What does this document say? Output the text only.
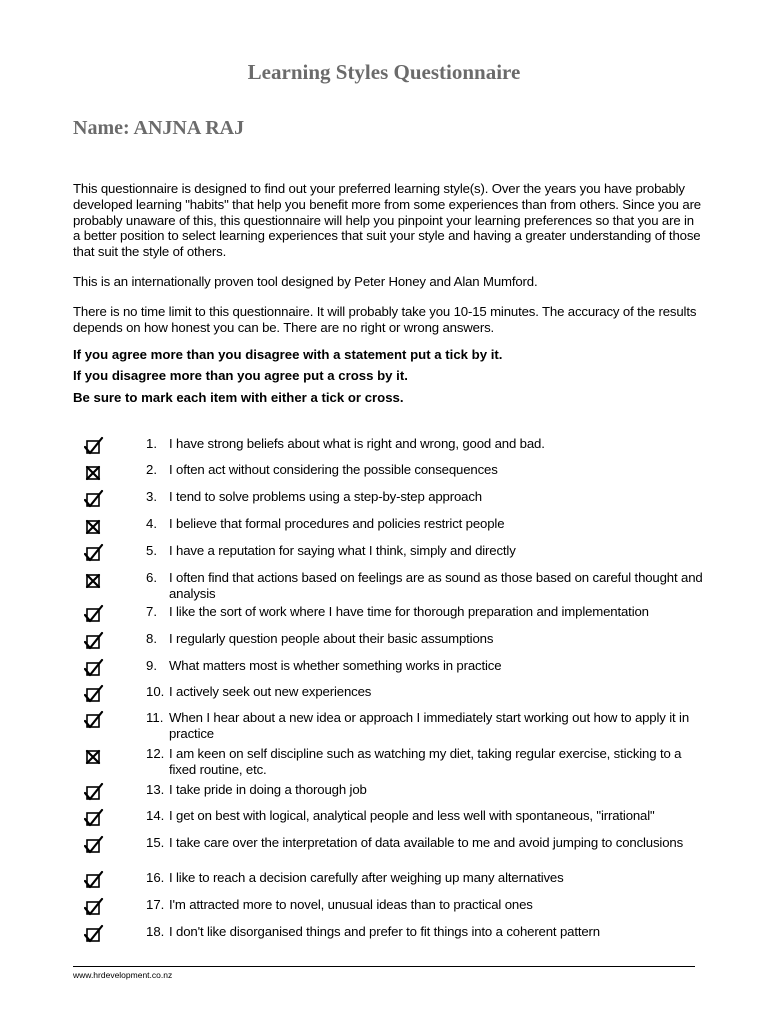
Learning Styles Questionnaire
Name: ANJNA RAJ

This questionnaire is designed to find out your preferred learning style(s). Over the years you have probably developed learning "habits" that help you benefit more from some experiences than from others. Since you are probably unaware of this, this questionnaire will help you pinpoint your learning preferences so that you are in a better position to select learning experiences that suit your style and having a greater understanding of those that suit the style of others.

This is an internationally proven tool designed by Peter Honey and Alan Mumford.

There is no time limit to this questionnaire. It will probably take you 10-15 minutes. The accuracy of the results depends on how honest you can be. There are no right or wrong answers.

If you agree more than you disagree with a statement put a tick by it.

If you disagree more than you agree put a cross by it.

Be sure to mark each item with either a tick or cross.

1. I have strong beliefs about what is right and wrong, good and bad.
2. I often act without considering the possible consequences
3. I tend to solve problems using a step-by-step approach
4. I believe that formal procedures and policies restrict people
5. I have a reputation for saying what I think, simply and directly
6. I often find that actions based on feelings are as sound as those based on careful thought and analysis
7. I like the sort of work where I have time for thorough preparation and implementation
8. I regularly question people about their basic assumptions
9. What matters most is whether something works in practice
10. I actively seek out new experiences
11. When I hear about a new idea or approach I immediately start working out how to apply it in practice
12. I am keen on self discipline such as watching my diet, taking regular exercise, sticking to a fixed routine, etc.
13. I take pride in doing a thorough job
14. I get on best with logical, analytical people and less well with spontaneous, "irrational"
15. I take care over the interpretation of data available to me and avoid jumping to conclusions
16. I like to reach a decision carefully after weighing up many alternatives
17. I'm attracted more to novel, unusual ideas than to practical ones
18. I don't like disorganised things and prefer to fit things into a coherent pattern
www.hrdevelopment.co.nz
